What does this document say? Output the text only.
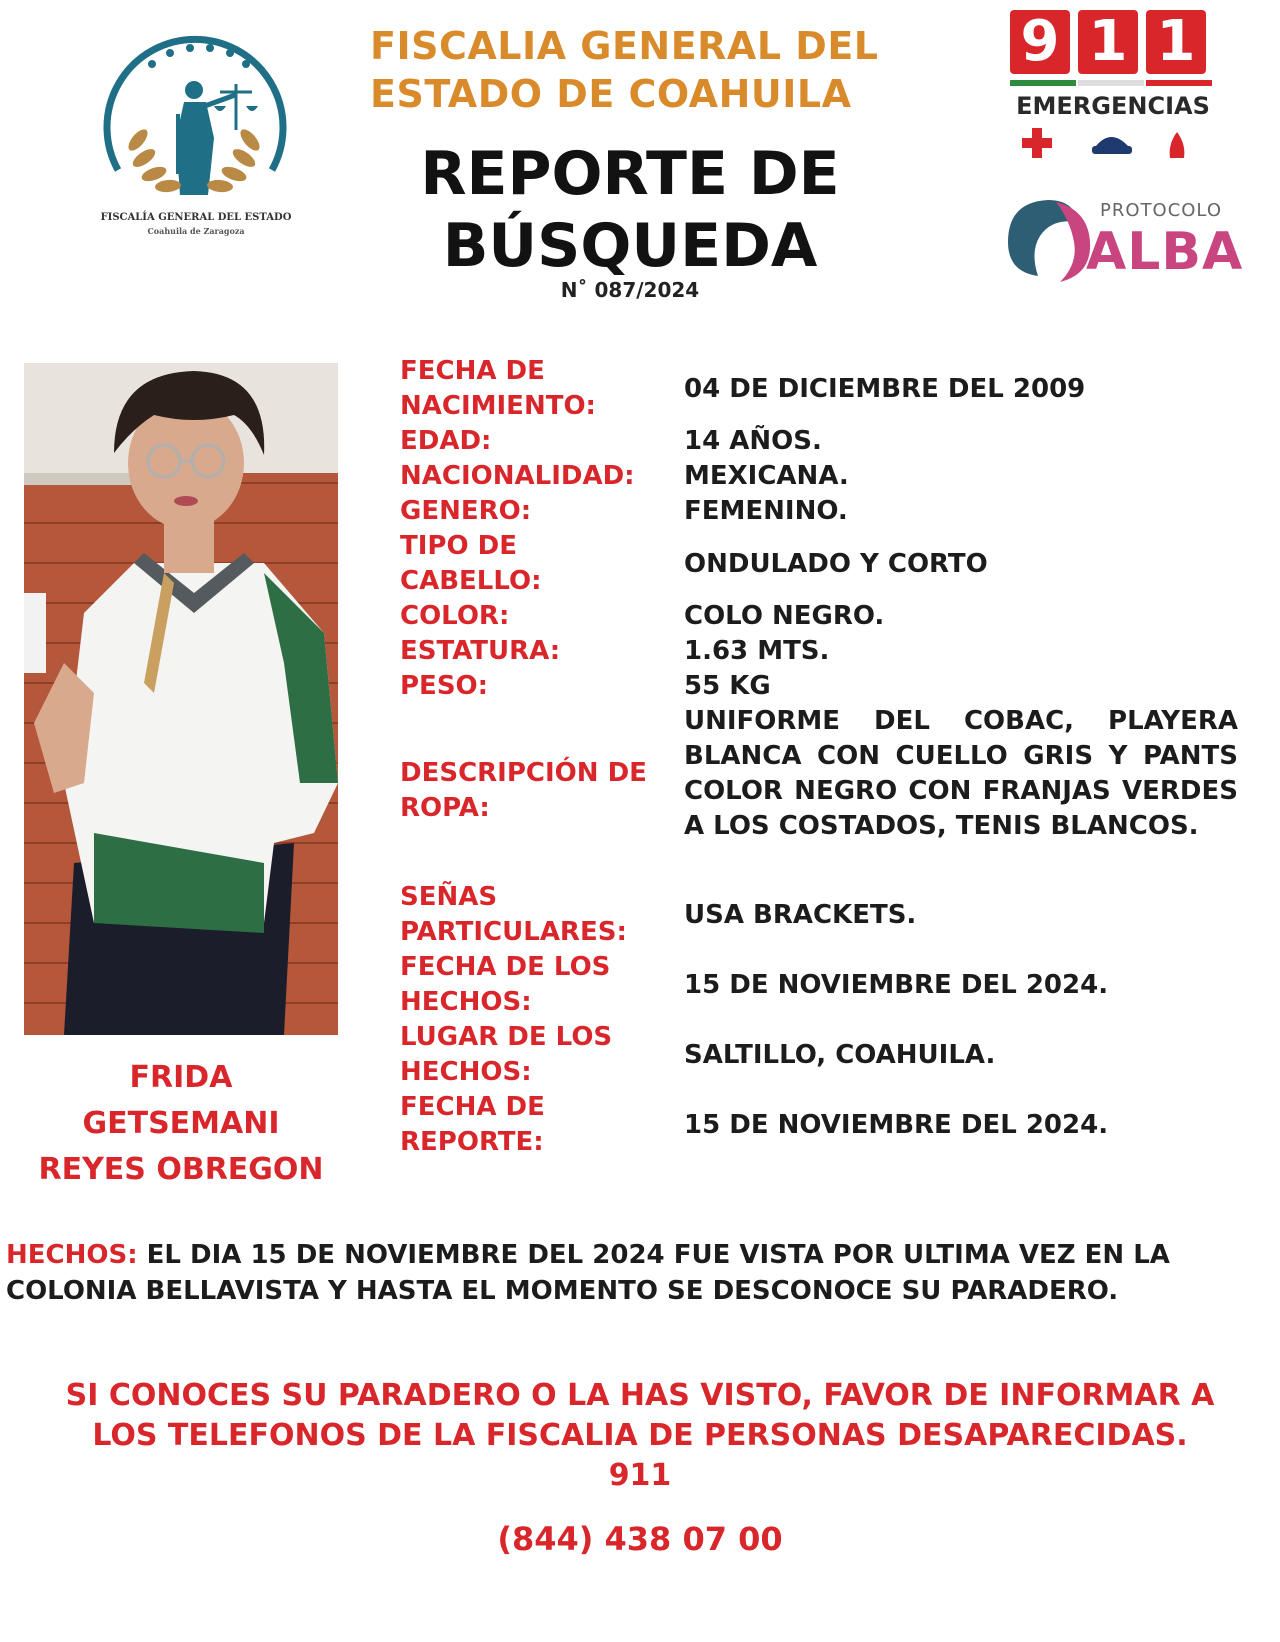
FISCALÍA GENERAL DEL ESTADO
Coahuila de Zaragoza
FISCALIA GENERAL DEL
ESTADO DE COAHUILA
REPORTE DE
BÚSQUEDA
N˚ 087/2024
9 1 1
EMERGENCIAS
PROTOCOLO
ALBA
FRIDA
GETSEMANI
REYES OBREGON
FECHA DE NACIMIENTO:
04 DE DICIEMBRE DEL 2009
EDAD:	14 AÑOS.
NACIONALIDAD:	MEXICANA.
GENERO:	FEMENINO.
TIPO DE CABELLO:
ONDULADO Y CORTO
COLOR:	COLO NEGRO.
ESTATURA:	1.63 MTS.
PESO:	55 KG
DESCRIPCIÓN DE ROPA:
UNIFORME DEL COBAC, PLAYERA BLANCA CON CUELLO GRIS Y PANTS COLOR NEGRO CON FRANJAS VERDES A LOS COSTADOS, TENIS BLANCOS.
SEÑAS PARTICULARES:
USA BRACKETS.
FECHA DE LOS HECHOS:
15 DE NOVIEMBRE DEL 2024.
LUGAR DE LOS HECHOS:
SALTILLO, COAHUILA.
FECHA DE REPORTE:
15 DE NOVIEMBRE DEL 2024.
HECHOS: EL DIA 15 DE NOVIEMBRE DEL 2024 FUE VISTA POR ULTIMA VEZ EN LA COLONIA BELLAVISTA Y HASTA EL MOMENTO SE DESCONOCE SU PARADERO.
SI CONOCES SU PARADERO O LA HAS VISTO, FAVOR DE INFORMAR A
LOS TELEFONOS DE LA FISCALIA DE PERSONAS DESAPARECIDAS.
911
(844) 438 07 00
